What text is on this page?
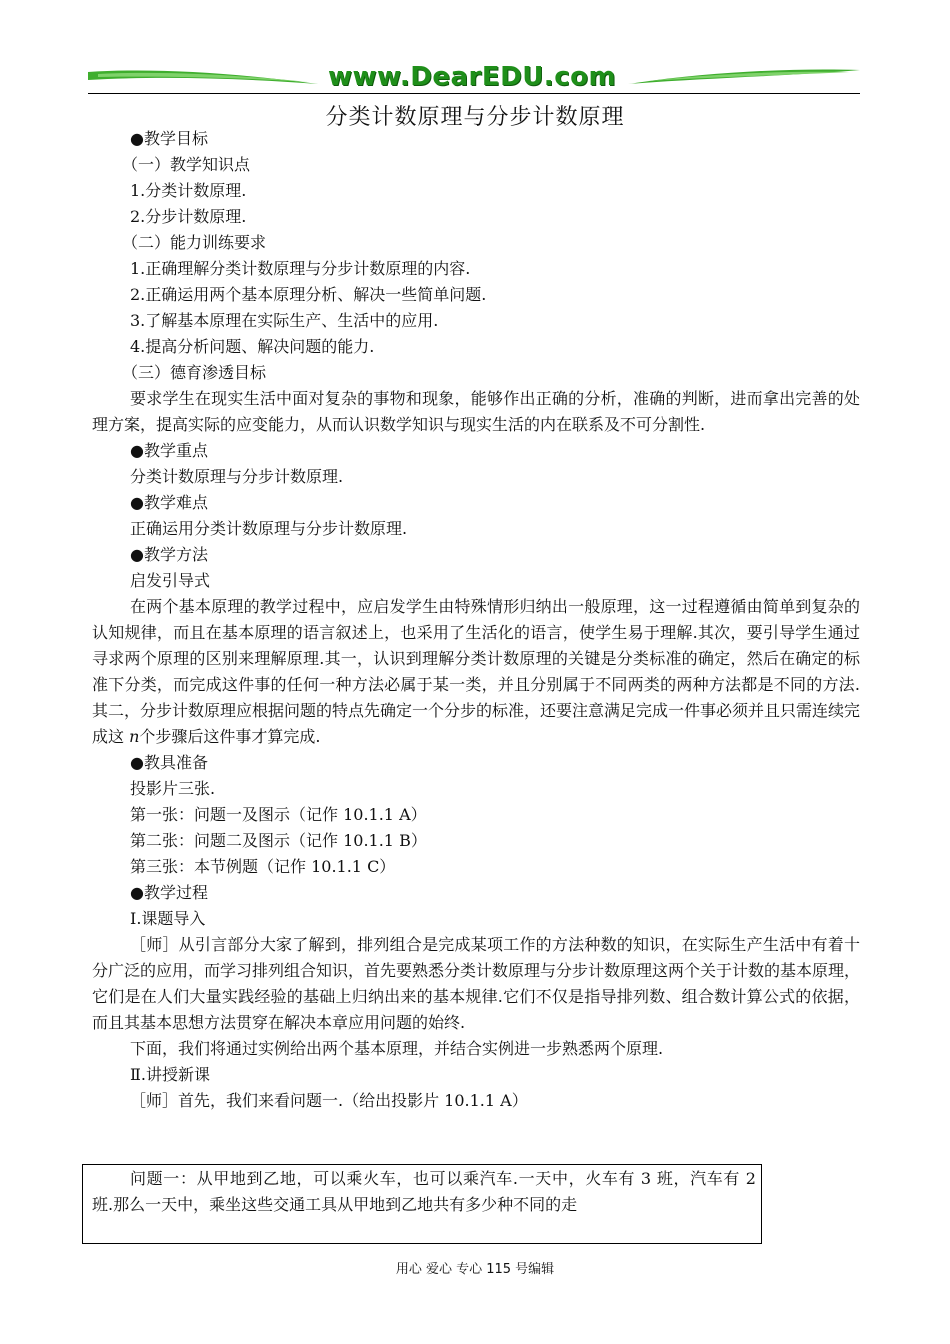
www.DearEDU.com
分类计数原理与分步计数原理

●教学目标

（一）教学知识点

1.分类计数原理.

2.分步计数原理.

（二）能力训练要求

1.正确理解分类计数原理与分步计数原理的内容.

2.正确运用两个基本原理分析、解决一些简单问题.

3.了解基本原理在实际生产、生活中的应用.

4.提高分析问题、解决问题的能力.

（三）德育渗透目标

要求学生在现实生活中面对复杂的事物和现象，能够作出正确的分析，准确的判断，进而拿出完善的处理方案，提高实际的应变能力，从而认识数学知识与现实生活的内在联系及不可分割性.

●教学重点

分类计数原理与分步计数原理.

●教学难点

正确运用分类计数原理与分步计数原理.

●教学方法

启发引导式

在两个基本原理的教学过程中，应启发学生由特殊情形归纳出一般原理，这一过程遵循由简单到复杂的认知规律，而且在基本原理的语言叙述上，也采用了生活化的语言，使学生易于理解.其次，要引导学生通过寻求两个原理的区别来理解原理.其一，认识到理解分类计数原理的关键是分类标准的确定，然后在确定的标准下分类，而完成这件事的任何一种方法必属于某一类，并且分别属于不同两类的两种方法都是不同的方法.其二，分步计数原理应根据问题的特点先确定一个分步的标准，还要注意满足完成一件事必须并且只需连续完成这 n个步骤后这件事才算完成.

●教具准备

投影片三张.

第一张：问题一及图示（记作 10.1.1 A）

第二张：问题二及图示（记作 10.1.1 B）

第三张：本节例题（记作 10.1.1 C）

●教学过程

Ⅰ.课题导入

［师］从引言部分大家了解到，排列组合是完成某项工作的方法种数的知识，在实际生产生活中有着十分广泛的应用，而学习排列组合知识，首先要熟悉分类计数原理与分步计数原理这两个关于计数的基本原理，它们是在人们大量实践经验的基础上归纳出来的基本规律.它们不仅是指导排列数、组合数计算公式的依据，而且其基本思想方法贯穿在解决本章应用问题的始终.

下面，我们将通过实例给出两个基本原理，并结合实例进一步熟悉两个原理.

Ⅱ.讲授新课

［师］首先，我们来看问题一.（给出投影片 10.1.1 A）

问题一：从甲地到乙地，可以乘火车，也可以乘汽车.一天中，火车有 3 班，汽车有 2 班.那么一天中，乘坐这些交通工具从甲地到乙地共有多少种不同的走
用心 爱心 专心 115 号编辑
